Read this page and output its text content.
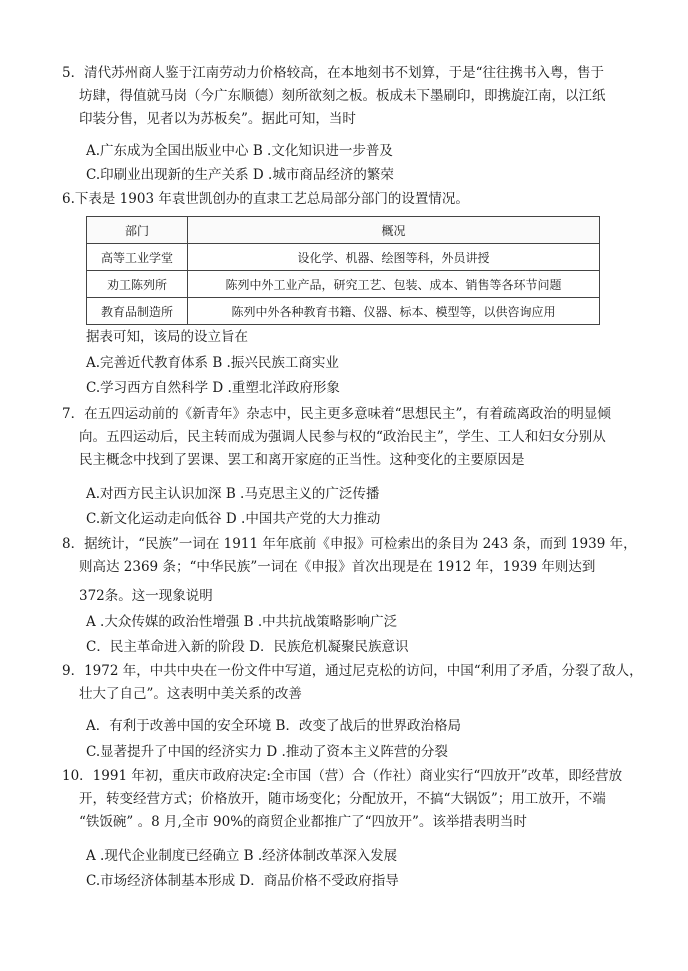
5．清代苏州商人鉴于江南劳动力价格较高，在本地刻书不划算，于是“往往携书入粤，售于
坊肆，得值就马岗（今广东顺德）刻所欲刻之板。板成未下墨刷印，即携旋江南，以江纸
印装分售，见者以为苏板矣”。据此可知，当时
A.广东成为全国出版业中心 B .文化知识进一步普及
C.印刷业出现新的生产关系 D .城市商品经济的繁荣
6.下表是 1903 年袁世凯创办的直隶工艺总局部分部门的设置情况。
部门	概况
高等工业学堂	设化学、机器、绘图等科，外员讲授
劝工陈列所	陈列中外工业产品，研究工艺、包装、成本、销售等各环节问题
教育品制造所	陈列中外各种教育书籍、仪器、标本、模型等，以供咨询应用
据表可知，该局的设立旨在
A.完善近代教育体系 B .振兴民族工商实业
C.学习西方自然科学 D .重塑北洋政府形象
7．在五四运动前的《新青年》杂志中，民主更多意味着“思想民主”，有着疏离政治的明显倾
向。五四运动后，民主转而成为强调人民参与权的“政治民主”，学生、工人和妇女分别从
民主概念中找到了罢课、罢工和离开家庭的正当性。这种变化的主要原因是
A.对西方民主认识加深 B .马克思主义的广泛传播
C.新文化运动走向低谷 D .中国共产党的大力推动
8．据统计，“民族”一词在 1911 年年底前《申报》可检索出的条目为 243 条，而到 1939 年，
则高达 2369 条；“中华民族”一词在《申报》首次出现是在 1912 年，1939 年则达到
372条。这一现象说明
A .大众传媒的政治性增强 B .中共抗战策略影响广泛
C．民主革命进入新的阶段 D．民族危机凝聚民族意识
9．1972 年，中共中央在一份文件中写道，通过尼克松的访问，中国“利用了矛盾，分裂了敌人，
壮大了自己”。这表明中美关系的改善
A．有利于改善中国的安全环境 B．改变了战后的世界政治格局
C.显著提升了中国的经济实力 D .推动了资本主义阵营的分裂
10．1991 年初，重庆市政府决定:全市国（营）合（作社）商业实行“四放开”改革，即经营放
开，转变经营方式；价格放开，随市场变化；分配放开，不搞“大锅饭”；用工放开，不端
“铁饭碗” 。8 月,全市 90%的商贸企业都推广了“四放开”。该举措表明当时
A .现代企业制度已经确立 B .经济体制改革深入发展
C.市场经济体制基本形成 D．商品价格不受政府指导
